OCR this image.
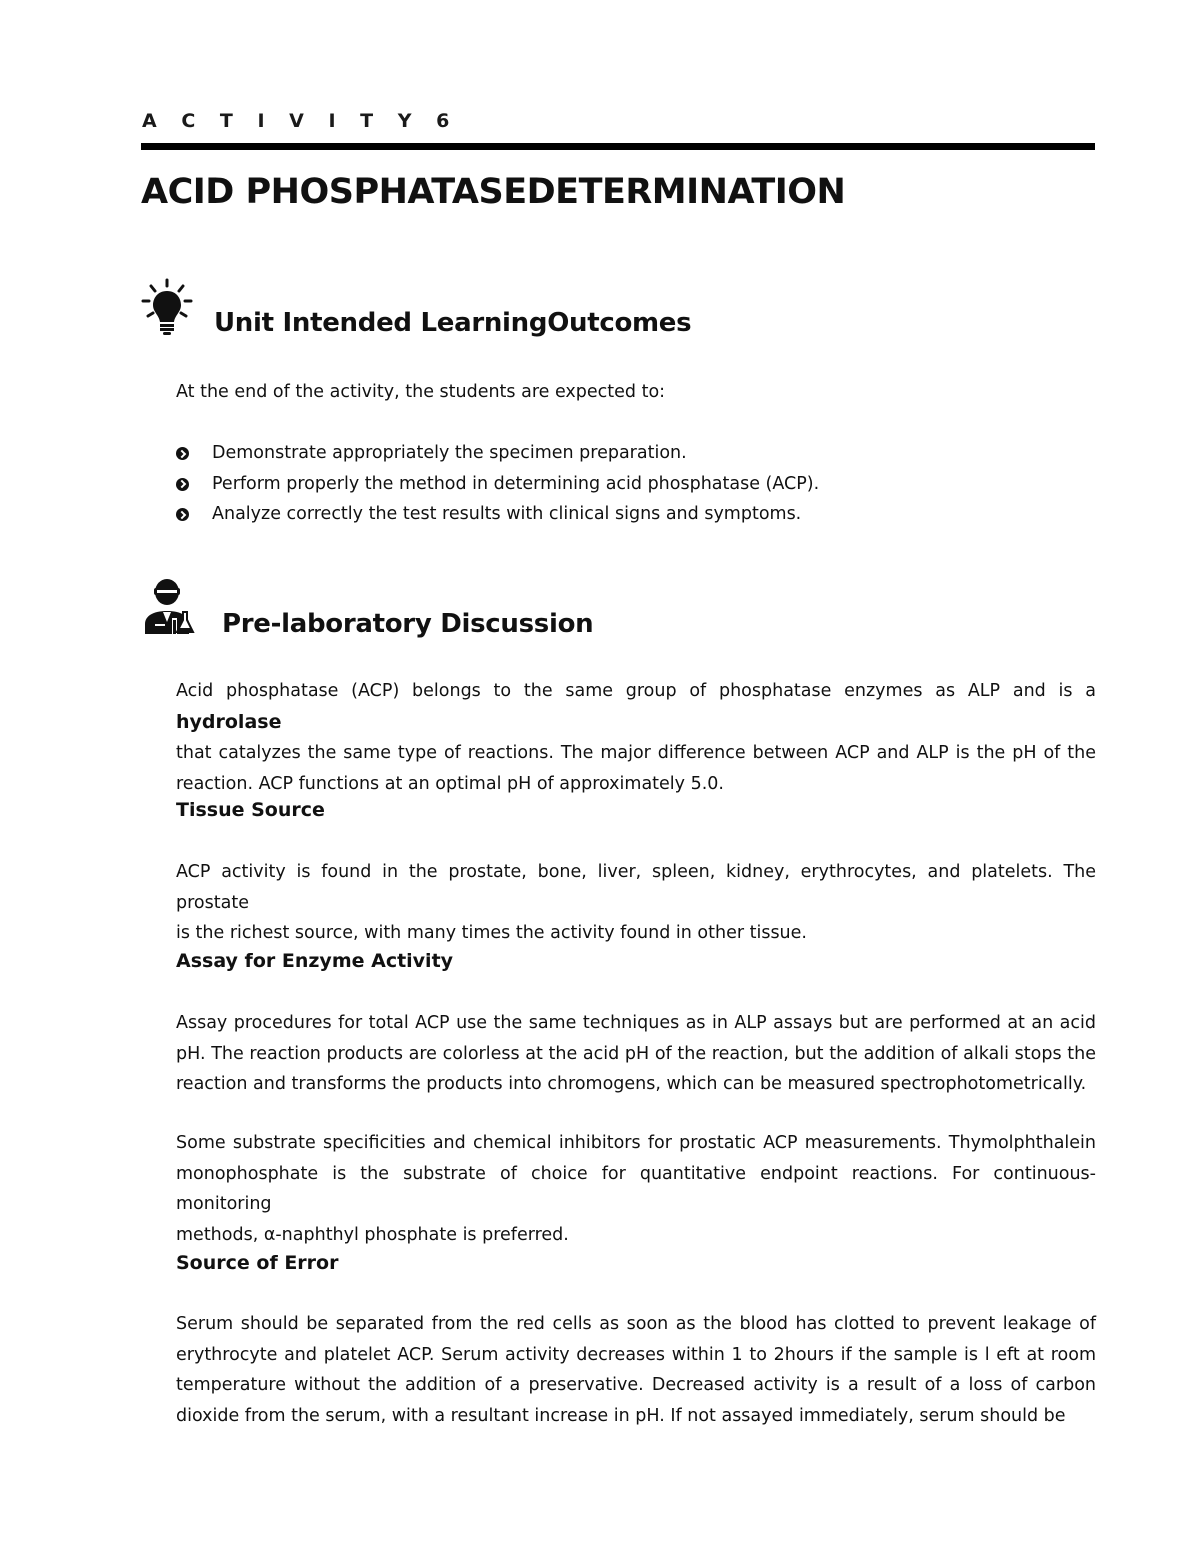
A C T I V I T Y 6
ACID PHOSPHATASEDETERMINATION
Unit Intended LearningOutcomes

At the end of the activity, the students are expected to:

Demonstrate appropriately the specimen preparation.
Perform properly the method in determining acid phosphatase (ACP).
Analyze correctly the test results with clinical signs and symptoms.
Pre-laboratory Discussion

Acid phosphatase (ACP) belongs to the same group of phosphatase enzymes as ALP and is a hydrolase
that catalyzes the same type of reactions. The major difference between ACP and ALP is the pH of the
reaction. ACP functions at an optimal pH of approximately 5.0.

Tissue Source

ACP activity is found in the prostate, bone, liver, spleen, kidney, erythrocytes, and platelets. The prostate
is the richest source, with many times the activity found in other tissue.

Assay for Enzyme Activity

Assay procedures for total ACP use the same techniques as in ALP assays but are performed at an acid
pH. The reaction products are colorless at the acid pH of the reaction, but the addition of alkali stops the
reaction and transforms the products into chromogens, which can be measured spectrophotometrically.

Some substrate specificities and chemical inhibitors for prostatic ACP measurements. Thymolphthalein
monophosphate is the substrate of choice for quantitative endpoint reactions. For continuous-monitoring
methods, α-naphthyl phosphate is preferred.

Source of Error

Serum should be separated from the red cells as soon as the blood has clotted to prevent leakage of
erythrocyte and platelet ACP. Serum activity decreases within 1 to 2hours if the sample is l eft at room
temperature without the addition of a preservative. Decreased activity is a result of a loss of carbon
dioxide from the serum, with a resultant increase in pH. If not assayed immediately, serum should be
